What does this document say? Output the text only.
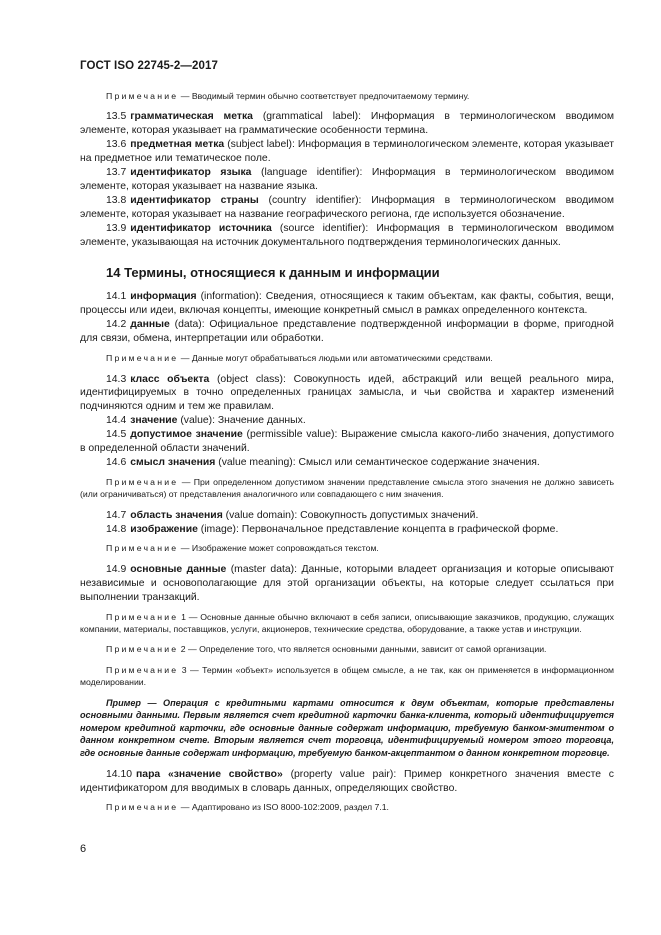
ГОСТ ISO 22745-2—2017

Примечание — Вводимый термин обычно соответствует предпочитаемому термину.

13.5 грамматическая метка (grammatical label): Информация в терминологическом вводимом элементе, которая указывает на грамматические особенности термина.

13.6 предметная метка (subject label): Информация в терминологическом элементе, которая указывает на предметное или тематическое поле.

13.7 идентификатор языка (language identifier): Информация в терминологическом вводимом элементе, которая указывает на название языка.

13.8 идентификатор страны (country identifier): Информация в терминологическом вводимом элементе, которая указывает на название географического региона, где используется обозначение.

13.9 идентификатор источника (source identifier): Информация в терминологическом вводимом элементе, указывающая на источник документального подтверждения терминологических данных.

14 Термины, относящиеся к данным и информации

14.1 информация (information): Сведения, относящиеся к таким объектам, как факты, события, вещи, процессы или идеи, включая концепты, имеющие конкретный смысл в рамках определенного контекста.

14.2 данные (data): Официальное представление подтвержденной информации в форме, пригодной для связи, обмена, интерпретации или обработки.

Примечание — Данные могут обрабатываться людьми или автоматическими средствами.

14.3 класс объекта (object class): Совокупность идей, абстракций или вещей реального мира, идентифицируемых в точно определенных границах замысла, и чьи свойства и характер изменений подчиняются одним и тем же правилам.

14.4 значение (value): Значение данных.

14.5 допустимое значение (permissible value): Выражение смысла какого-либо значения, допустимого в определенной области значений.

14.6 смысл значения (value meaning): Смысл или семантическое содержание значения.

Примечание — При определенном допустимом значении представление смысла этого значения не должно зависеть (или ограничиваться) от представления аналогичного или совпадающего с ним значения.

14.7 область значения (value domain): Совокупность допустимых значений.

14.8 изображение (image): Первоначальное представление концепта в графической форме.

Примечание — Изображение может сопровождаться текстом.

14.9 основные данные (master data): Данные, которыми владеет организация и которые описывают независимые и основополагающие для этой организации объекты, на которые следует ссылаться при выполнении транзакций.

Примечание 1 — Основные данные обычно включают в себя записи, описывающие заказчиков, продукцию, служащих компании, материалы, поставщиков, услуги, акционеров, технические средства, оборудование, а также устав и инструкции.

Примечание 2 — Определение того, что является основными данными, зависит от самой организации.

Примечание 3 — Термин «объект» используется в общем смысле, а не так, как он применяется в информационном моделировании.

Пример — Операция с кредитными картами относится к двум объектам, которые представлены основными данными. Первым является счет кредитной карточки банка-клиента, который идентифицируется номером кредитной карточки, где основные данные содержат информацию, требуемую банком-эмитентом о данном конкретном счете. Вторым является счет торговца, идентифицируемый номером этого торговца, где основные данные содержат информацию, требуемую банком-акцептантом о данном конкретном торговце.

14.10 пара «значение свойство» (property value pair): Пример конкретного значения вместе с идентификатором для вводимых в словарь данных, определяющих свойство.

Примечание — Адаптировано из ISO 8000-102:2009, раздел 7.1.

6
